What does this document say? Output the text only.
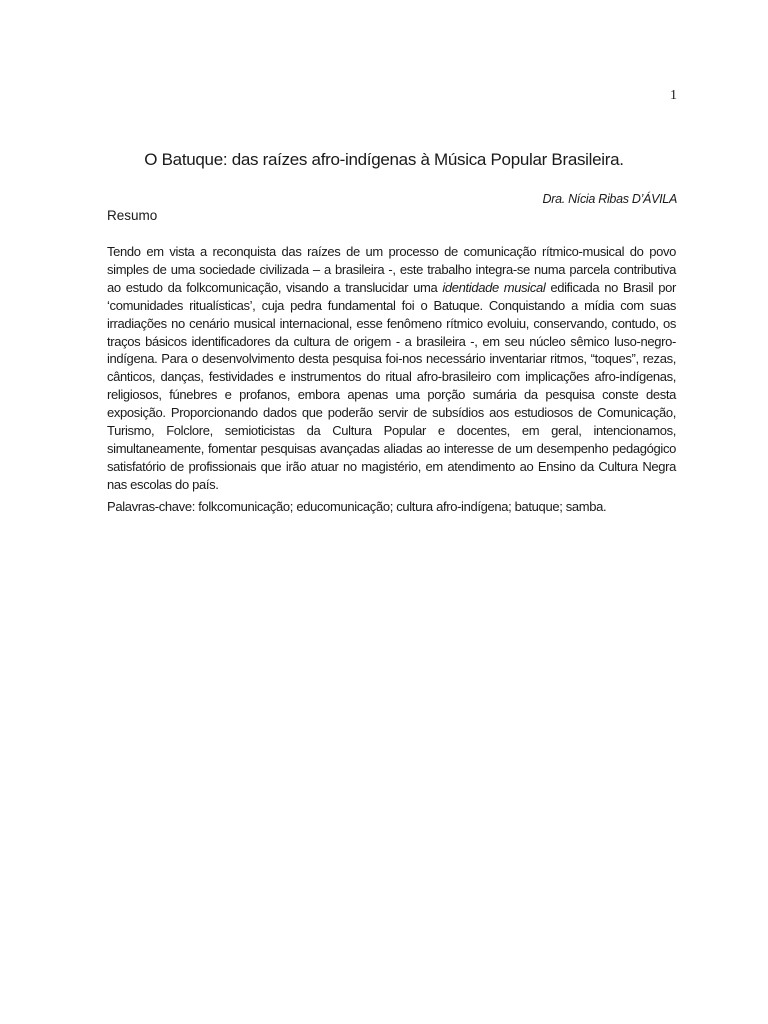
1
O Batuque: das raízes afro-indígenas à Música Popular Brasileira.
Dra. Nícia Ribas D’ÁVILA
Resumo

Tendo em vista a reconquista das raízes de um processo de comunicação rítmico-musical do povo simples de uma sociedade civilizada – a brasileira -, este trabalho integra-se numa parcela contributiva ao estudo da folkcomunicação, visando a translucidar uma identidade musical edificada no Brasil por ‘comunidades ritualísticas’, cuja pedra fundamental foi o Batuque. Conquistando a mídia com suas irradiações no cenário musical internacional, esse fenômeno rítmico evoluiu, conservando, contudo, os traços básicos identificadores da cultura de origem - a brasileira -, em seu núcleo sêmico luso-negro-indígena. Para o desenvolvimento desta pesquisa foi-nos necessário inventariar ritmos, “toques”, rezas, cânticos, danças, festividades e instrumentos do ritual afro-brasileiro com implicações afro-indígenas, religiosos, fúnebres e profanos, embora apenas uma porção sumária da pesquisa conste desta exposição. Proporcionando dados que poderão servir de subsídios aos estudiosos de Comunicação, Turismo, Folclore, semioticistas da Cultura Popular e docentes, em geral, intencionamos, simultaneamente, fomentar pesquisas avançadas aliadas ao interesse de um desempenho pedagógico satisfatório de profissionais que irão atuar no magistério, em atendimento ao Ensino da Cultura Negra nas escolas do país.

Palavras-chave: folkcomunicação; educomunicação; cultura afro-indígena; batuque; samba.
